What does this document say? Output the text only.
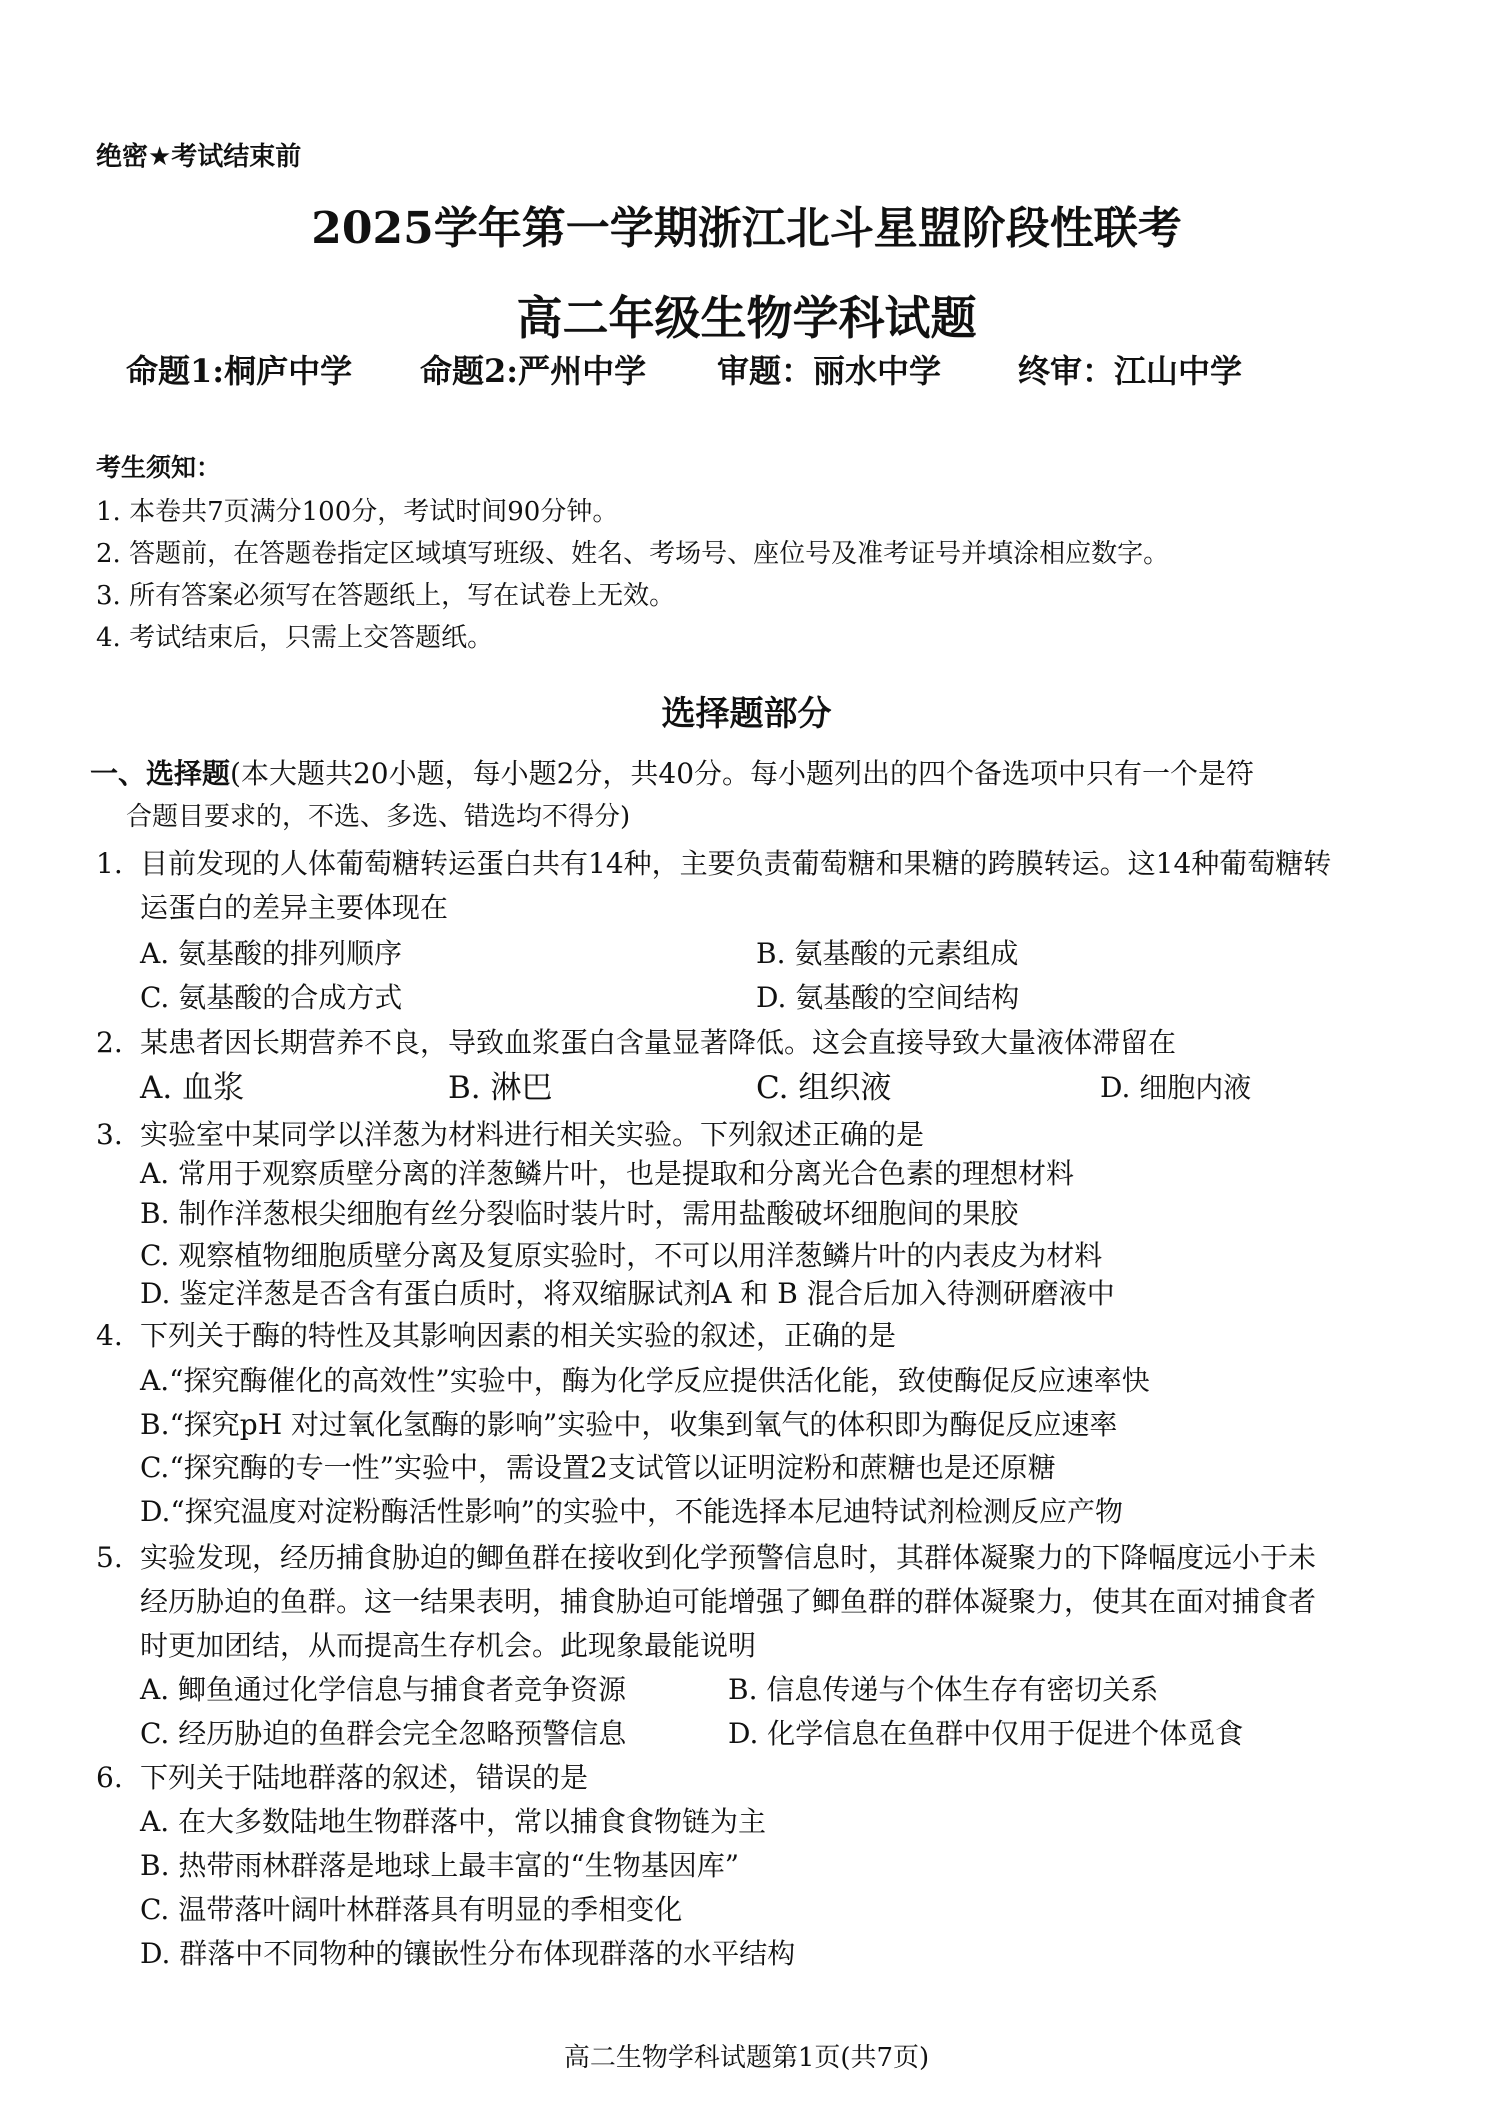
绝密★考试结束前
2025学年第一学期浙江北斗星盟阶段性联考
高二年级生物学科试题
命题1:桐庐中学 命题2:严州中学 审题：丽水中学 终审：江山中学
考生须知：
1. 本卷共7页满分100分，考试时间90分钟。
2. 答题前，在答题卷指定区域填写班级、姓名、考场号、座位号及准考证号并填涂相应数字。
3. 所有答案必须写在答题纸上，写在试卷上无效。
4. 考试结束后，只需上交答题纸。
选择题部分
一、选择题(本大题共20小题，每小题2分，共40分。每小题列出的四个备选项中只有一个是符
合题目要求的，不选、多选、错选均不得分)
1. 目前发现的人体葡萄糖转运蛋白共有14种，主要负责葡萄糖和果糖的跨膜转运。这14种葡萄糖转
运蛋白的差异主要体现在
A. 氨基酸的排列顺序	B. 氨基酸的元素组成
C. 氨基酸的合成方式	D. 氨基酸的空间结构
2. 某患者因长期营养不良，导致血浆蛋白含量显著降低。这会直接导致大量液体滞留在
A. 血浆	B. 淋巴	C. 组织液	D. 细胞内液
3. 实验室中某同学以洋葱为材料进行相关实验。下列叙述正确的是
A. 常用于观察质壁分离的洋葱鳞片叶，也是提取和分离光合色素的理想材料
B. 制作洋葱根尖细胞有丝分裂临时装片时，需用盐酸破坏细胞间的果胶
C. 观察植物细胞质壁分离及复原实验时，不可以用洋葱鳞片叶的内表皮为材料
D. 鉴定洋葱是否含有蛋白质时，将双缩脲试剂A 和 B 混合后加入待测研磨液中
4. 下列关于酶的特性及其影响因素的相关实验的叙述，正确的是
A.“探究酶催化的高效性”实验中，酶为化学反应提供活化能，致使酶促反应速率快
B.“探究pH 对过氧化氢酶的影响”实验中，收集到氧气的体积即为酶促反应速率
C.“探究酶的专一性”实验中，需设置2支试管以证明淀粉和蔗糖也是还原糖
D.“探究温度对淀粉酶活性影响”的实验中，不能选择本尼迪特试剂检测反应产物
5. 实验发现，经历捕食胁迫的鲫鱼群在接收到化学预警信息时，其群体凝聚力的下降幅度远小于未
经历胁迫的鱼群。这一结果表明，捕食胁迫可能增强了鲫鱼群的群体凝聚力，使其在面对捕食者
时更加团结，从而提高生存机会。此现象最能说明
A. 鲫鱼通过化学信息与捕食者竞争资源	B. 信息传递与个体生存有密切关系
C. 经历胁迫的鱼群会完全忽略预警信息	D. 化学信息在鱼群中仅用于促进个体觅食
6. 下列关于陆地群落的叙述，错误的是
A. 在大多数陆地生物群落中，常以捕食食物链为主
B. 热带雨林群落是地球上最丰富的“生物基因库”
C. 温带落叶阔叶林群落具有明显的季相变化
D. 群落中不同物种的镶嵌性分布体现群落的水平结构
高二生物学科试题第1页(共7页)
